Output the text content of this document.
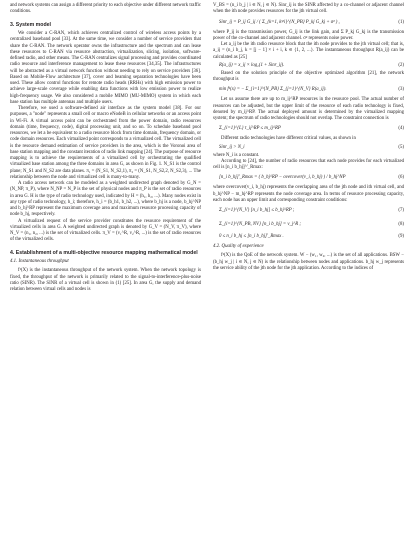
and network systems can assign a different priority to each objective under different network traffic conditions.

3. System model

We consider a C-RAN, which achieves centralized control of wireless access points by a centralized baseband pool [33]. At the same time, we consider a number of service providers that share the C-RAN. The network operator owns the infrastructure and the spectrum and can lease these resources to C-RAN via resource abstraction, virtualization, slicing, isolation, software-defined radio, and other means. The C-RAN centralizes signal processing and provides coordinated radio resource and interference management to lease these resources [34,35]. The infrastructures will be abstracted as a virtual network function without needing to rely on service providers [36]. Based on Mobile-Flow architecture [37], cover and beaming separation technologies have been used. These allow control functions for remote radio heads (RRHs) with high emission power to achieve large-scale coverage while enabling data functions with low emission power to realize high-frequency usage. We also considered a mobile MIMO (MU-MIMO) system in which each base station has multiple antennas and multiple users.

Therefore, we used a software-defined air interface as the system model [38]. For our purposes, a "node" represents a small cell or macro eNodeB in cellular networks or an access point in Wi-Fi. A virtual access point can be orchestrated from the power domain, radio resources domain (time, frequency, code), digital processing unit, and so on. To schedule baseband pool resources, we let a be equivalent to a radio resource block from time domain, frequency domain, or code domain resources. Each virtualized point corresponds to a virtualized cell. The virtualized cell is the resource demand estimation of service providers in the area, which is the Voronoi area of base station mapping and the constant iteration of radio link mapping [24]. The purpose of resource mapping is to achieve the requirements of a virtualized cell by orchestrating the qualified virtualized base station among the three domains in area G, as shown in Fig. 1. N_S1 is the control plane; N_S1 and N_S2 are data planes. π₁ = (N_S1, N_S2,1), π₂ = (N_S1, N_S2,2, N_S2,3), ... The relationship between the node and virtualized cell is many-to-many.

A radio access network can be modeled as a weighted undirected graph denoted by G_N = (N_NP, π_P), where N_NP = N_P is the set of physical nodes and π_P is the set of radio resources in area G. H is the type of radio technology used, indicated by H = (h₁, h₂, ...). Many nodes exist in any type of radio technology, h_i; therefore, h_i = (b_h1, b_h2, ...), where b_hj is a node, b_hj^NP and b_hj^RP represent the maximum coverage area and maximum resource processing capacity of node b_hj, respectively.

A virtualized request of the service provider constitutes the resource requirement of the virtualized cells in area G. A weighted undirected graph is denoted by G_V = (N_V, π_V), where N_V = (n₁, n₂, ...) is the set of virtualized cells. π_V = (v₁^R, v₂^R, ...) is the set of radio resources of the virtualized cells.

4. Establishment of a multi-objective resource mapping mathematical model
4.1. Instantaneous throughput

f¹(X) is the instantaneous throughput of the network system. When the network topology is fixed, the throughput of the network is primarily related to the signal-to-interference-plus-noise ratio (SINR). The SINR of a virtual cell is shown in (1) [25]. In area G, the supply and demand relation between virtual cells and nodes is

V_BS = (n_i b_j | i ∈ N, j ∈ N). Sinr_ij is the SINR affected by a co-channel or adjacent channel when the ith node provides resources for the jth virtual cell.

Sinr_ij = P_ij G_ij / ( Σ_{k=1, k≠i}^{N_PB} P_kj G_kj + σ² ) ,	(1)

where P_ij is the transmission power, G_ij is the link gain, and Σ P_kj G_kj is the transmission power of the co-channel and adjacent channel. σ² represents noise power.

Let a_ij be the ith radio resource block that the ith node provides to the jth virtual cell; that is, a_ij = (n_i b_j, k = [j − 1] × i + i, k ∈ {1, 2, ...}. The instantaneous throughput R(a_ij) can be calculated as [25]

R(a_ij) = x_ij × log₂(1 + Sinr_ij).	(2)

Based on the solution principle of the objective optimized algorithm [21], the network throughput is

min f¹(x) = − Σ_{i=1}^{N_PB} Σ_{j=1}^{N_V} R(a_ij).	(3)

Let us assume there are up to m_ij^RP resources in the resource pool. The actual number of resources can be adjusted, but the upper limit of the resource of each radio technology is fixed, denoted by m_ij^RP. The actual deployed amount is determined by the virtualized mapping system; the spectrum of radio technologies should not overlap. The constraint connection is

Σ_{i=1}^{L} τ_ij^RP ≤ m_ij^RP	(4)

Different radio technologies have different critical values, as shown in

Sinr_ij > N_i	(5)

where N_i is a constant.

According to [24], the number of radio resources that each node provides for each virtualized cell is [n_i b_hj]^'_Rmax:

[n_i b_hj]'_Rmax = ( b_hj^RP − overcover(v_i, b_hj) ) / b_hj^NP	(6)

where overcover(v_i, b_hj) represents the overlapping area of the jth node and ith virtual cell, and b_hj^NP − m_hj^RP represents the node coverage area. In terms of resource processing capacity, each node has an upper limit and corresponding constraint conditions:

Σ_{i=1}^{N_V} [n_i b_hj] ≤ b_hj^RP ;	(7)
Σ_{i=1}^{N_PB, NV} [n_i b_hj] = v_j^R ;	(8)
0 ≤ n_i b_hj ≤ [n_i b_hj]'_Rmax .	(9)
4.2. Quality of experience

f²(X) is the QoE of the network system. W − (w₁, w₂, ...) is the set of all applications. BSW − (b_hj w_j | i ∈ N, j ∈ N) is the relationship between nodes and applications. b_hj w_j represents the service ability of the jth node for the jth application. According to the indices of
